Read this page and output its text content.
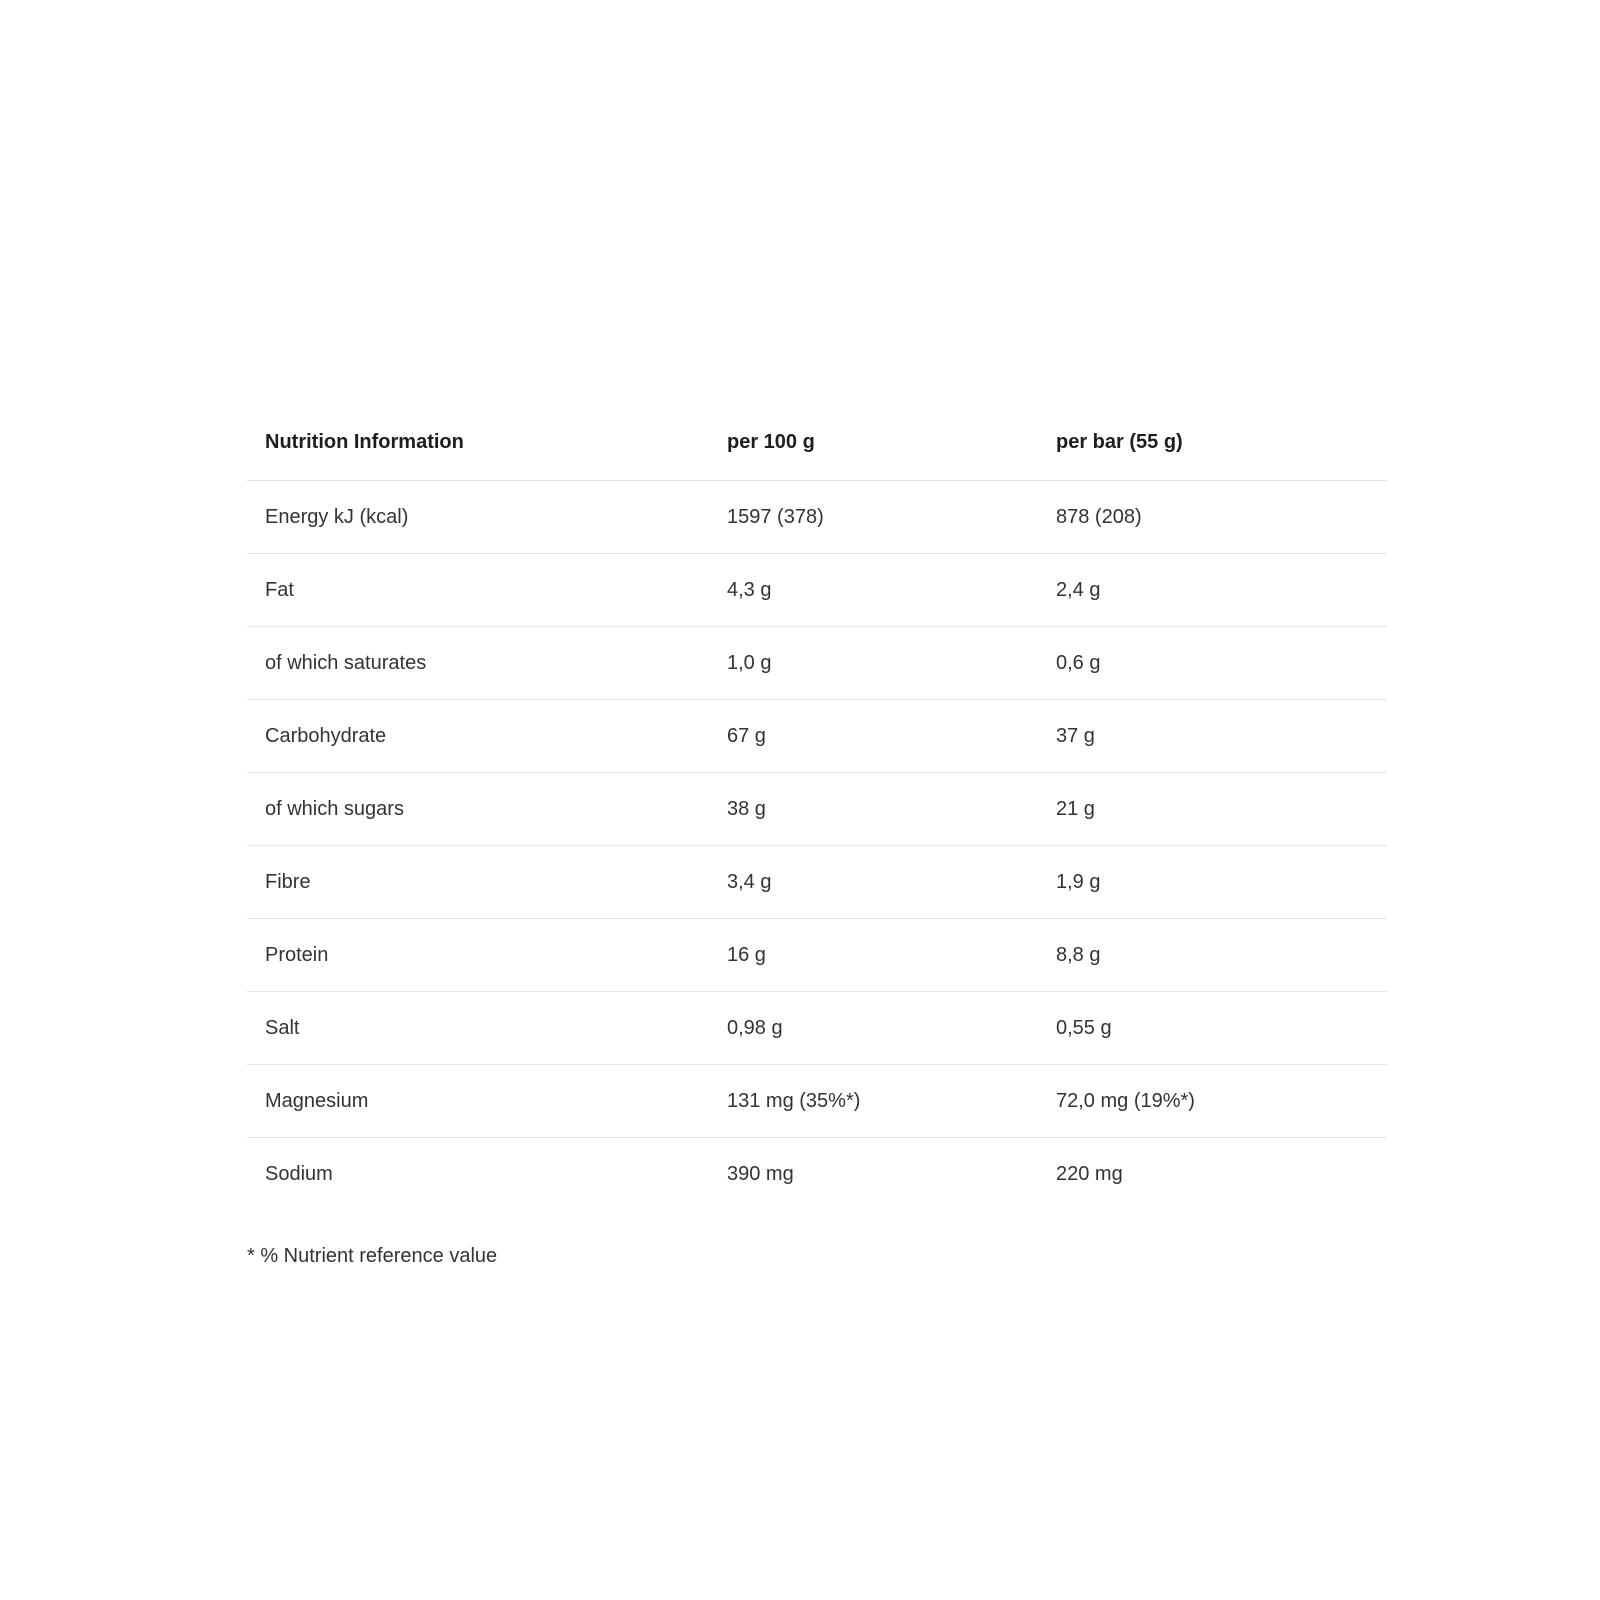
Nutrition Information	per 100 g	per bar (55 g)
Energy kJ (kcal)	1597 (378)	878 (208)
Fat	4,3 g	2,4 g
of which saturates	1,0 g	0,6 g
Carbohydrate	67 g	37 g
of which sugars	38 g	21 g
Fibre	3,4 g	1,9 g
Protein	16 g	8,8 g
Salt	0,98 g	0,55 g
Magnesium	131 mg (35%*)	72,0 mg (19%*)
Sodium	390 mg	220 mg
* % Nutrient reference value
